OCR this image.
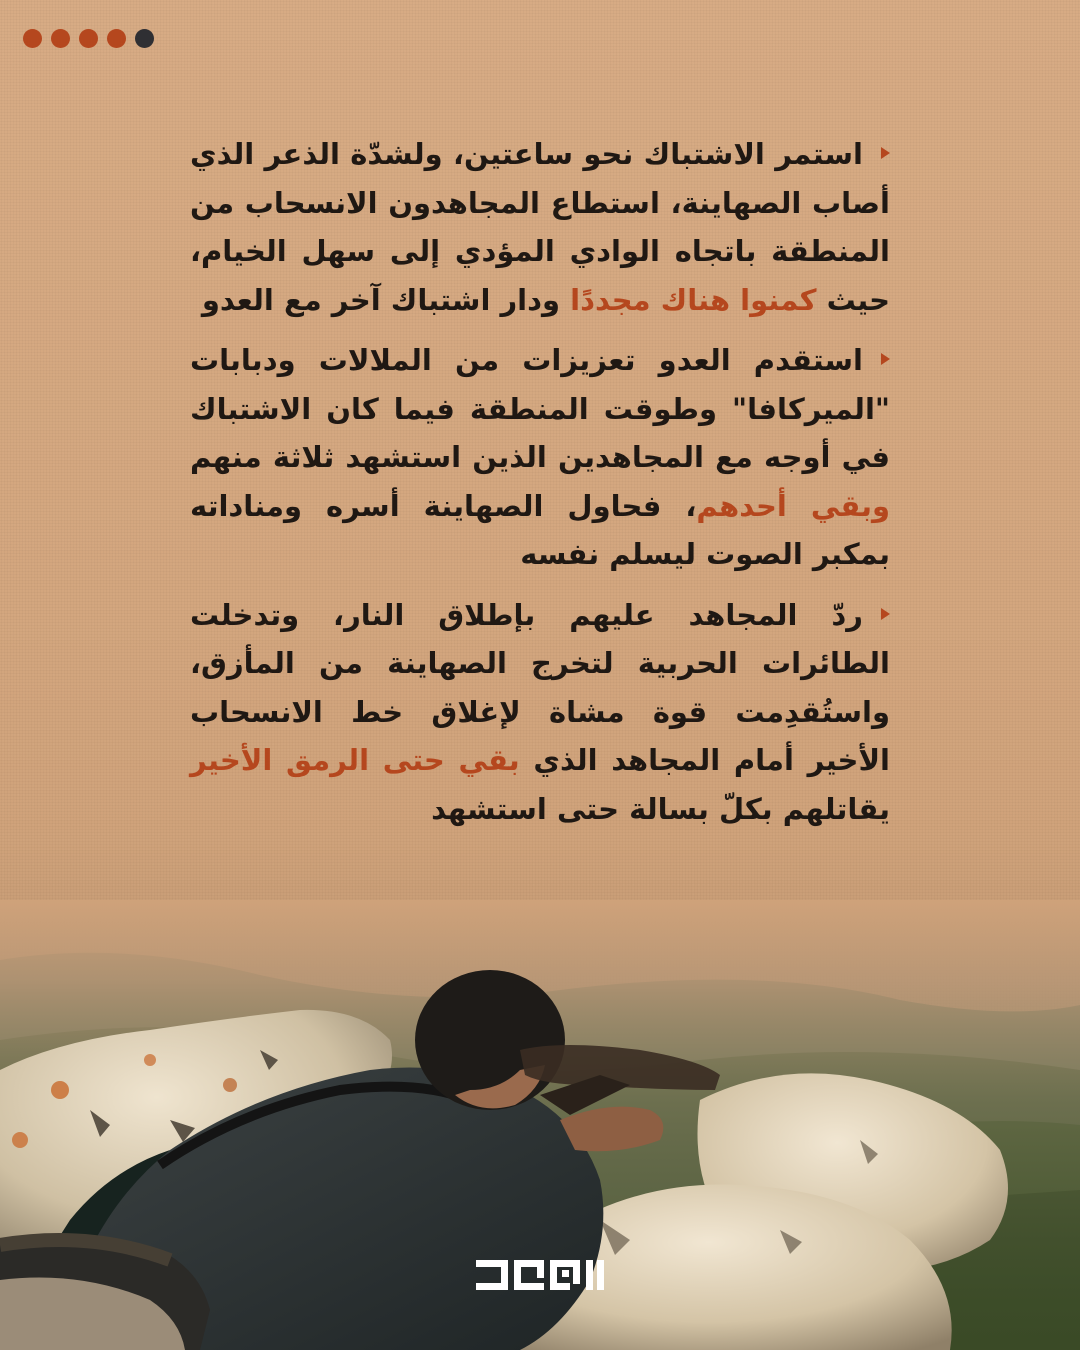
استمر الاشتباك نحو ساعتين، ولشدّة الذعر الذي أصاب الصهاينة، استطاع المجاهدون الانسحاب من المنطقة باتجاه الوادي المؤدي إلى سهل الخيام، حيث كمنوا هناك مجددًا ودار اشتباك آخر مع العدو

استقدم العدو تعزيزات من الملالات ودبابات "الميركافا" وطوقت المنطقة فيما كان الاشتباك في أوجه مع المجاهدين الذين استشهد ثلاثة منهم وبقي أحدهم، فحاول الصهاينة أسره ومناداته بمكبر الصوت ليسلم نفسه

ردّ المجاهد عليهم بإطلاق النار، وتدخلت الطائرات الحربية لتخرج الصهاينة من المأزق، واستُقدِمت قوة مشاة لإغلاق خط الانسحاب الأخير أمام المجاهد الذي بقي حتى الرمق الأخير يقاتلهم بكلّ بسالة حتى استشهد
